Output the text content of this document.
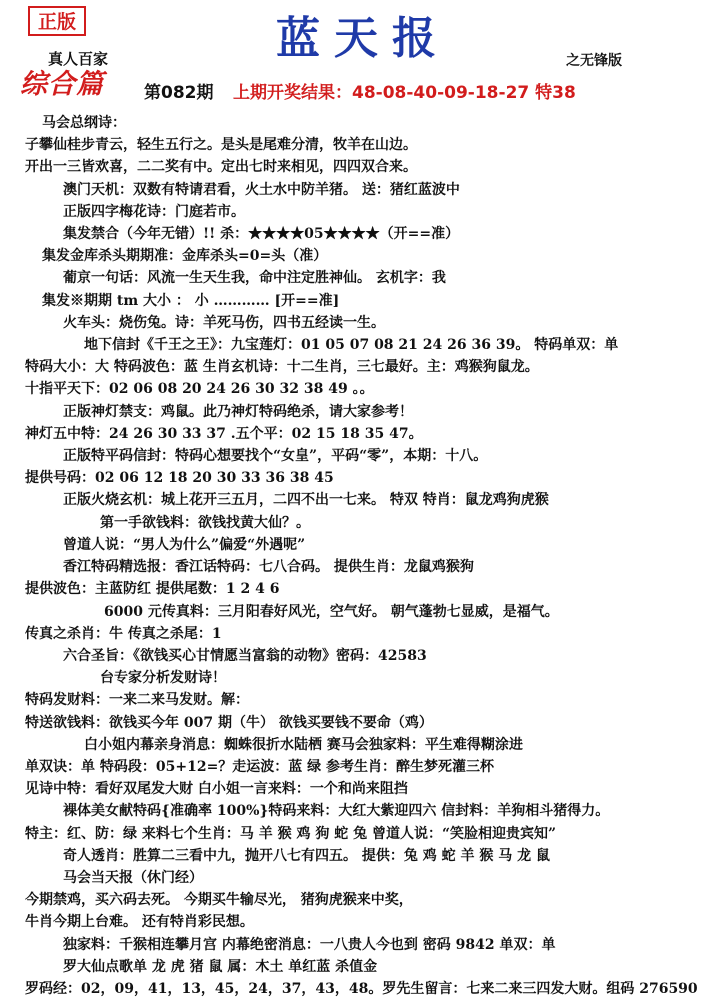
正版	蓝天报
真人百家	之无锋版
综合篇 第082期 上期开奖结果：48-08-40-09-18-27 特38
马会总纲诗：
子攀仙桂步青云，轻生五行之。是头是尾难分清，牧羊在山边。
开出一三皆欢喜，二二奖有中。定出七时来相见，四四双合来。
澳门天机：双数有特请君看，火土水中防羊猪。 送：猪红蓝波中
正版四字梅花诗：门庭若市。
集发禁合（今年无错）!! 杀：★★★★05★★★★（开==准）
集发金库杀头期期准：金库杀头=0=头（准）
葡京一句话：风流一生天生我，命中注定胜神仙。 玄机字：我
集发※期期 tm 大小 ： 小 ………… [开==准]
火车头：烧伤兔。诗：羊死马伤，四书五经读一生。
地下信封《千王之王》：九宝莲灯：01 05 07 08 21 24 26 36 39。 特码单双：单
特码大小：大 特码波色：蓝 生肖玄机诗：十二生肖，三七最好。主：鸡猴狗鼠龙。
十指平天下：02 06 08 20 24 26 30 32 38 49 。。
正版神灯禁支：鸡鼠。此乃神灯特码绝杀，请大家参考！
神灯五中特：24 26 30 33 37 .五个平：02 15 18 35 47。
正版特平码信封：特码心想要找个“女皇”，平码“零”，本期：十八。
提供号码：02 06 12 18 20 30 33 36 38 45
正版火烧玄机：城上花开三五月，二四不出一七来。 特双 特肖：鼠龙鸡狗虎猴
第一手欲钱料：欲钱找黄大仙？。
曾道人说：“男人为什么”偏爱“外遇呢”
香江特码精选报：香江话特码：七八合码。 提供生肖：龙鼠鸡猴狗
提供波色：主蓝防红 提供尾数：1 2 4 6
6000 元传真料：三月阳春好风光，空气好。 朝气蓬勃七显威，是福气。
传真之杀肖：牛 传真之杀尾：1
六合圣旨：《欲钱买心甘情愿当富翁的动物》密码：42583
台专家分析发财诗！
特码发财料：一来二来马发财。解：
特送欲钱料：欲钱买今年 007 期（牛） 欲钱买要钱不要命（鸡）
白小姐内幕亲身消息：蜘蛛很折水陆栖 赛马会独家料：平生难得糊涂进
单双诀：单 特码段：05+12=？走运波：蓝 绿 参考生肖：醉生梦死灌三杯
见诗中特：看好双尾发大财 白小姐一言来料：一个和尚来阻挡
裸体美女献特码{准确率 100%}特码来料：大红大紫迎四六 信封料：羊狗相斗猪得力。
特主：红、防：绿 来料七个生肖：马 羊 猴 鸡 狗 蛇 兔 曾道人说：“笑脸相迎贵宾知”
奇人透肖：胜算二三看中九，抛开八七有四五。 提供：兔 鸡 蛇 羊 猴 马 龙 鼠
马会当天报（休门经）
今期禁鸡，买六码去死。 今期买牛输尽光， 猪狗虎猴来中奖，
牛肖今期上台难。 还有特肖彩民想。
独家料：千猴相连攀月宫 内幕绝密消息：一八贵人今也到 密码 9842 单双：单
罗大仙点歌单 龙 虎 猪 鼠 属：木土 单红蓝 杀值金
罗码经：02，09，41，13，45，24，37，43，48。罗先生留言：七来二来三四发大财。组码 276590
